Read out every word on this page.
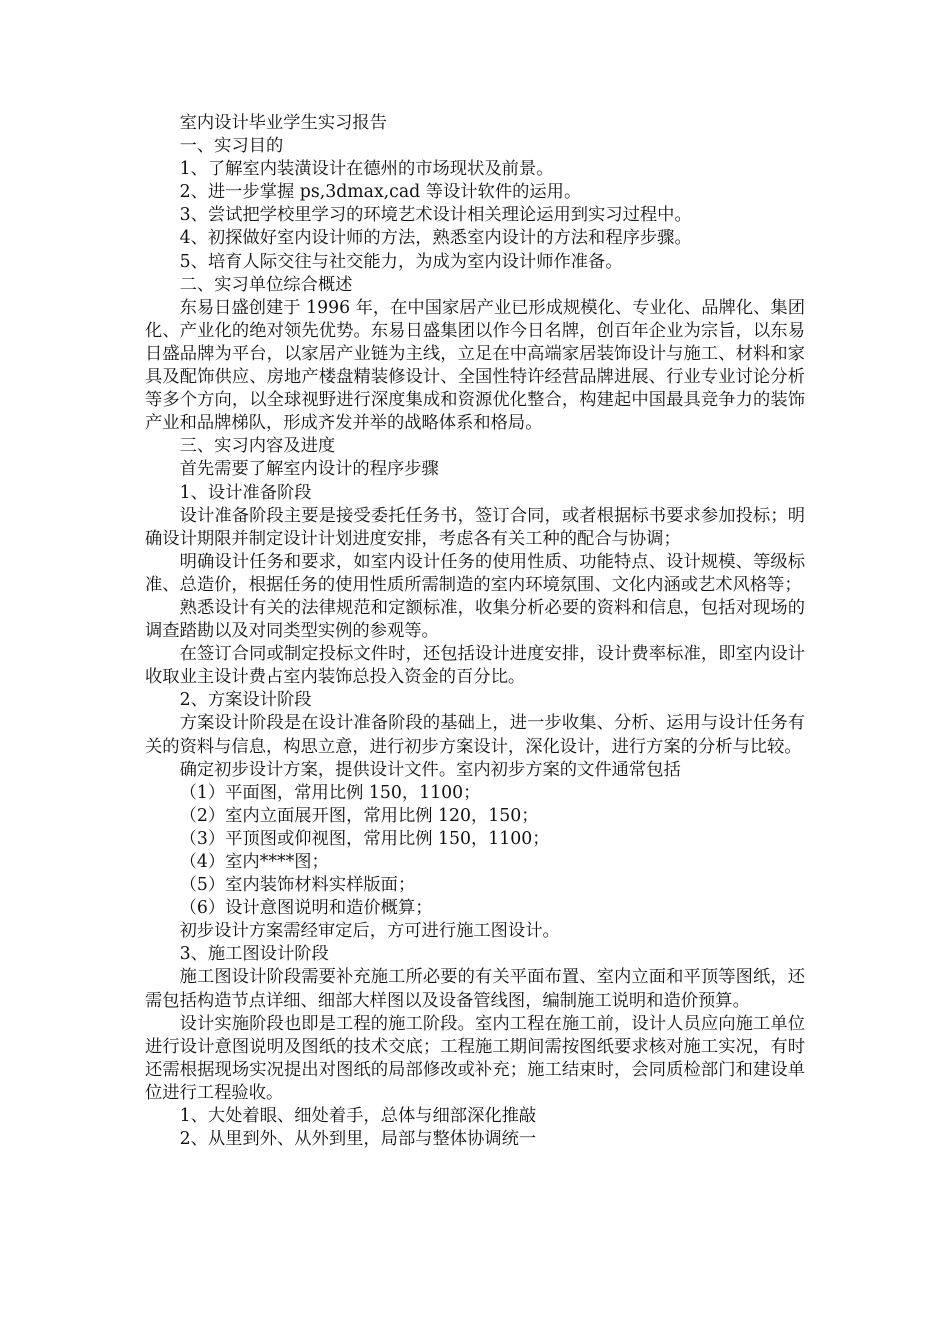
室内设计毕业学生实习报告

一、实习目的

1、了解室内装潢设计在德州的市场现状及前景。

2、进一步掌握 ps,3dmax,cad 等设计软件的运用。

3、尝试把学校里学习的环境艺术设计相关理论运用到实习过程中。

4、初探做好室内设计师的方法，熟悉室内设计的方法和程序步骤。

5、培育人际交往与社交能力，为成为室内设计师作准备。

二、实习单位综合概述

东易日盛创建于 1996 年，在中国家居产业已形成规模化、专业化、品牌化、集团化、产业化的绝对领先优势。东易日盛集团以作今日名牌，创百年企业为宗旨，以东易日盛品牌为平台，以家居产业链为主线，立足在中高端家居装饰设计与施工、材料和家具及配饰供应、房地产楼盘精装修设计、全国性特许经营品牌进展、行业专业讨论分析等多个方向，以全球视野进行深度集成和资源优化整合，构建起中国最具竞争力的装饰产业和品牌梯队，形成齐发并举的战略体系和格局。

三、实习内容及进度

首先需要了解室内设计的程序步骤

1、设计准备阶段

设计准备阶段主要是接受委托任务书，签订合同，或者根据标书要求参加投标；明确设计期限并制定设计计划进度安排，考虑各有关工种的配合与协调；

明确设计任务和要求，如室内设计任务的使用性质、功能特点、设计规模、等级标准、总造价，根据任务的使用性质所需制造的室内环境氛围、文化内涵或艺术风格等；

熟悉设计有关的法律规范和定额标准，收集分析必要的资料和信息，包括对现场的调查踏勘以及对同类型实例的参观等。

在签订合同或制定投标文件时，还包括设计进度安排，设计费率标准，即室内设计收取业主设计费占室内装饰总投入资金的百分比。

2、方案设计阶段

方案设计阶段是在设计准备阶段的基础上，进一步收集、分析、运用与设计任务有关的资料与信息，构思立意，进行初步方案设计，深化设计，进行方案的分析与比较。

确定初步设计方案，提供设计文件。室内初步方案的文件通常包括

（1）平面图，常用比例 150，1100；

（2）室内立面展开图，常用比例 120，150；

（3）平顶图或仰视图，常用比例 150，1100；

（4）室内****图；

（5）室内装饰材料实样版面；

（6）设计意图说明和造价概算；

初步设计方案需经审定后，方可进行施工图设计。

3、施工图设计阶段

施工图设计阶段需要补充施工所必要的有关平面布置、室内立面和平顶等图纸，还需包括构造节点详细、细部大样图以及设备管线图，编制施工说明和造价预算。

设计实施阶段也即是工程的施工阶段。室内工程在施工前，设计人员应向施工单位进行设计意图说明及图纸的技术交底；工程施工期间需按图纸要求核对施工实况，有时还需根据现场实况提出对图纸的局部修改或补充；施工结束时，会同质检部门和建设单位进行工程验收。

1、大处着眼、细处着手，总体与细部深化推敲

2、从里到外、从外到里，局部与整体协调统一
